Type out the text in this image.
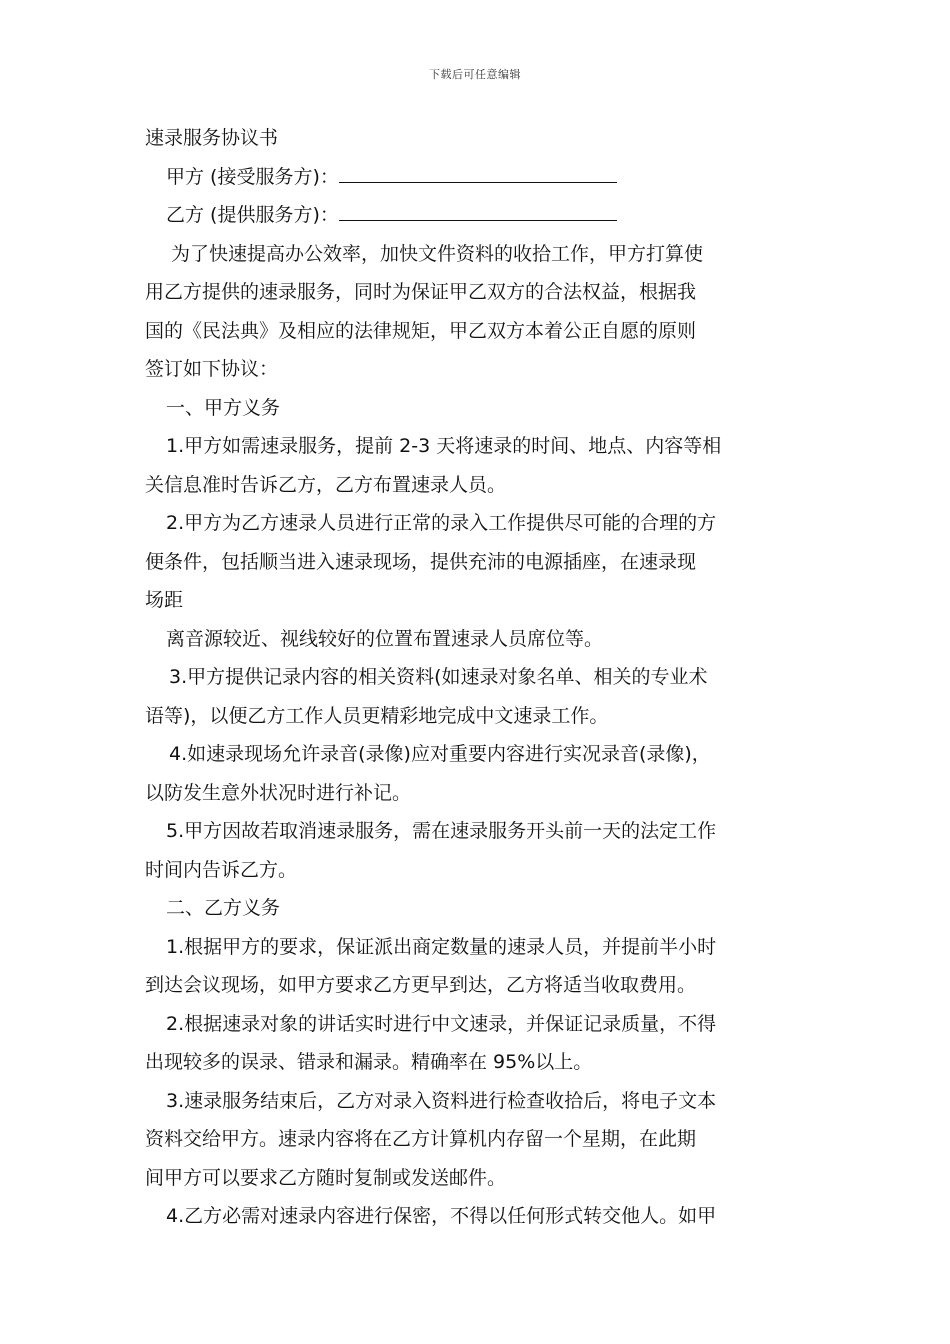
下载后可任意编辑

速录服务协议书

甲方 (接受服务方)：

乙方 (提供服务方)：

为了快速提高办公效率，加快文件资料的收拾工作，甲方打算使
用乙方提供的速录服务，同时为保证甲乙双方的合法权益，根据我
国的《民法典》及相应的法律规矩，甲乙双方本着公正自愿的原则
签订如下协议：

一、甲方义务

1.甲方如需速录服务，提前 2-3 天将速录的时间、地点、内容等相
关信息准时告诉乙方，乙方布置速录人员。

2.甲方为乙方速录人员进行正常的录入工作提供尽可能的合理的方
便条件，包括顺当进入速录现场，提供充沛的电源插座，在速录现
场距

离音源较近、视线较好的位置布置速录人员席位等。

3.甲方提供记录内容的相关资料(如速录对象名单、相关的专业术
语等)，以便乙方工作人员更精彩地完成中文速录工作。

4.如速录现场允许录音(录像)应对重要内容进行实况录音(录像)，
以防发生意外状况时进行补记。

5.甲方因故若取消速录服务，需在速录服务开头前一天的法定工作
时间内告诉乙方。

二、乙方义务

1.根据甲方的要求，保证派出商定数量的速录人员，并提前半小时
到达会议现场，如甲方要求乙方更早到达，乙方将适当收取费用。

2.根据速录对象的讲话实时进行中文速录，并保证记录质量，不得
出现较多的误录、错录和漏录。精确率在 95%以上。

3.速录服务结束后，乙方对录入资料进行检查收拾后，将电子文本
资料交给甲方。速录内容将在乙方计算机内存留一个星期，在此期
间甲方可以要求乙方随时复制或发送邮件。

4.乙方必需对速录内容进行保密，不得以任何形式转交他人。如甲
